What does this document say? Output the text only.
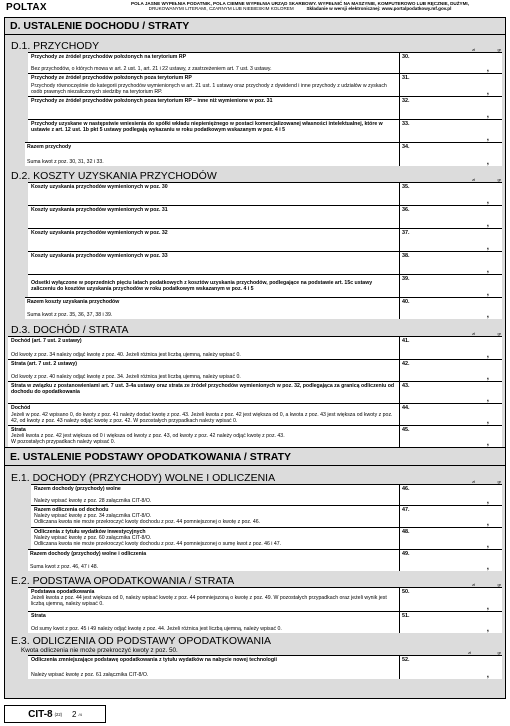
POLTAX	POLA JASNE WYPEŁNIA PODATNIK, POLA CIEMNE WYPEŁNIA URZĄD SKARBOWY. WYPEŁNIĆ NA MASZYNIE, KOMPUTEROWO LUB RĘCZNIE, DUŻYMI,
DRUKOWANYMI LITERAMI, CZARNYM LUB NIEBIESKIM KOLOREM	Składanie w wersji elektronicznej: www.portalpodatkowy.mf.gov.pl
D. USTALENIE DOCHODU / STRATY
D.1. PRZYCHODY	zł	gr
Przychody ze źródeł przychodów położonych na terytorium RP
Bez przychodów, o których mowa w art. 2 ust. 1, art. 21 i 22 ustawy, z zastrzeżeniem art. 7 ust. 3 ustawy.
30.
,
Przychody ze źródeł przychodów położonych poza terytorium RP
Przychody równoczęśnie do kategorii przychodów wymienionych w art. 21 ust. 1 ustawy oraz przychody z dywidend i inne przychody z udziałów w zyskach osób prawnych niezaliczonych siedziby na terytorium RP.
31.
,
Przychody ze źródeł przychodów położonych poza terytorium RP – inne niż wymienione w poz. 31	32.
,
Przychody uzyskane w następstwie wniesienia do spółki wkładu niepieniężnego w postaci komercjalizowanej własności intelektualnej, które w ustawie z art. 12 ust. 1b pkt 5 ustawy podlegają wykazaniu w roku podatkowym wskazanym w poz. 4 i 5
33.
,
Razem przychody
Suma kwot z poz. 30, 31, 32 i 33.
34.
,
D.2. KOSZTY UZYSKANIA PRZYCHODÓW	zł	gr
Koszty uzyskania przychodów wymienionych w poz. 30	35.
,
Koszty uzyskania przychodów wymienionych w poz. 31	36.
,
Koszty uzyskania przychodów wymienionych w poz. 32	37.
,
Koszty uzyskania przychodów wymienionych w poz. 33	38.
,
Odsetki wyłączone w poprzednich pięciu latach podatkowych z kosztów uzyskania przychodów, podlegające na podstawie art. 15c ustawy zaliczeniu do kosztów uzyskania przychodów w roku podatkowym wskazanym w poz. 4 i 5
39.
,
Razem koszty uzyskania przychodów
Suma kwot z poz. 35, 36, 37, 38 i 39.
40.
,
D.3. DOCHÓD / STRATA	zł	gr
Dochód (art. 7 ust. 2 ustawy)
Od kwoty z poz. 34 należy odjąć kwotę z poz. 40. Jeżeli różnica jest liczbą ujemną, należy wpisać 0.
41.
,
Strata (art. 7 ust. 2 ustawy)
Od kwoty z poz. 40 należy odjąć kwotę z poz. 34. Jeżeli różnica jest liczbą ujemną, należy wpisać 0.
42.
,
Strata w związku z postanowieniami art. 7 ust. 3-4a ustawy oraz strata ze źródeł przychodów wymienionych w poz. 32, podlegająca za granicą odliczeniu od dochodu do opodatkowania
43.
,
Dochód
Jeżeli w poz. 42 wpisano 0, do kwoty z poz. 41 należy dodać kwotę z poz. 43. Jeżeli kwota z poz. 42 jest większa od 0, a kwota z poz. 43 jest większa od kwoty z poz. 42, od kwoty z poz. 43 należy odjąć kwotę z poz. 42. W pozostałych przypadkach należy wpisać 0.
44.
,
Strata
Jeżeli kwota z poz. 42 jest większa od 0 i większa od kwoty z poz. 43, od kwoty z poz. 42 należy odjąć kwotę z poz. 43.
W pozostałych przypadkach należy wpisać 0.
45.
,
E. USTALENIE PODSTAWY OPODATKOWANIA / STRATY
E.1. DOCHODY (PRZYCHODY) WOLNE I ODLICZENIA	zł	gr
Razem dochody (przychody) wolne
Należy wpisać kwotę z poz. 28 załącznika CIT-8/O.
46.
,
Razem odliczenia od dochodu
Należy wpisać kwotę z poz. 34 załącznika CIT-8/O.
Odliczana kwota nie może przekroczyć kwoty dochodu z poz. 44 pomniejszonej o kwotę z poz. 46.
47.
,
Odliczenia z tytułu wydatków inwestycyjnych
Należy wpisać kwotę z poz. 60 załącznika CIT-8/O.
Odliczana kwota nie może przekroczyć kwoty dochodu z poz. 44 pomniejszonej o sumę kwot z poz. 46 i 47.
48.
,
Razem dochody (przychody) wolne i odliczenia
Suma kwot z poz. 46, 47 i 48.
49.
,
E.2. PODSTAWA OPODATKOWANIA / STRATA	zł	gr
Podstawa opodatkowania
Jeżeli kwota z poz. 44 jest większa od 0, należy wpisać kwotę z poz. 44 pomniejszoną o kwotę z poz. 49. W pozostałych przypadkach oraz jeżeli wynik jest liczbą ujemną, należy wpisać 0.
50.
,
Strata
Od sumy kwot z poz. 45 i 49 należy odjąć kwotę z poz. 44. Jeżeli różnica jest liczbą ujemną, należy wpisać 0.
51.
,
E.3. ODLICZENIA OD PODSTAWY OPODATKOWANIA
Kwota odliczenia nie może przekroczyć kwoty z poz. 50.	zł	gr
Odliczenia zmniejszające podstawę opodatkowania z tytułu wydatków na nabycie nowej technologii
Należy wpisać kwotę z poz. 61 załącznika CIT-8/O.
52.
,
CIT-8 (22) 2 /4
